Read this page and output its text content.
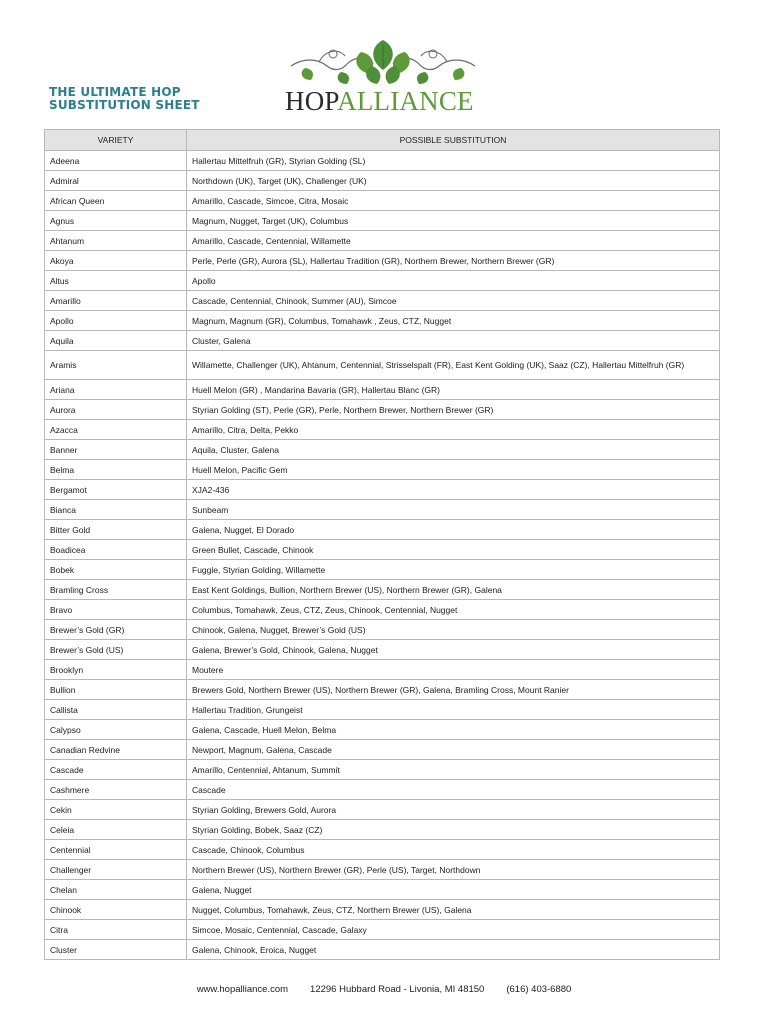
THE ULTIMATE HOP
SUBSTITUTION SHEET	HOPALLIANCE
VARIETY	POSSIBLE SUBSTITUTION
Adeena	Hallertau Mittelfruh (GR), Styrian Golding (SL)
Admiral	Northdown (UK), Target (UK), Challenger (UK)
African Queen	Amarillo, Cascade, Simcoe, Citra, Mosaic
Agnus	Magnum, Nugget, Target (UK), Columbus
Ahtanum	Amarillo, Cascade, Centennial, Willamette
Akoya	Perle, Perle (GR), Aurora (SL), Hallertau Tradition (GR), Northern Brewer, Northern Brewer (GR)
Altus	Apollo
Amarillo	Cascade, Centennial, Chinook, Summer (AU), Simcoe
Apollo	Magnum, Magnum (GR), Columbus, Tomahawk , Zeus, CTZ, Nugget
Aquila	Cluster, Galena
Aramis	Willamette, Challenger (UK), Ahtanum, Centennial, Strisselspalt (FR), East Kent Golding (UK), Saaz (CZ), Hallertau Mittelfruh (GR)
Ariana	Huell Melon (GR) , Mandarina Bavaria (GR), Hallertau Blanc (GR)
Aurora	Styrian Golding (ST), Perle (GR), Perle, Northern Brewer, Northern Brewer (GR)
Azacca	Amarillo, Citra, Delta, Pekko
Banner	Aquila, Cluster, Galena
Belma	Huell Melon, Pacific Gem
Bergamot	XJA2-436
Bianca	Sunbeam
Bitter Gold	Galena, Nugget, El Dorado
Boadicea	Green Bullet, Cascade, Chinook
Bobek	Fuggle, Styrian Golding, Willamette
Bramling Cross	East Kent Goldings, Bullion, Northern Brewer (US), Northern Brewer (GR), Galena
Bravo	Columbus, Tomahawk, Zeus, CTZ, Zeus, Chinook, Centennial, Nugget
Brewer’s Gold (GR)	Chinook, Galena, Nugget, Brewer’s Gold (US)
Brewer’s Gold (US)	Galena, Brewer’s Gold, Chinook, Galena, Nugget
Brooklyn	Moutere
Bullion	Brewers Gold, Northern Brewer (US), Northern Brewer (GR), Galena, Bramling Cross, Mount Ranier
Callista	Hallertau Tradition, Grungeist
Calypso	Galena, Cascade, Huell Melon, Belma
Canadian Redvine	Newport, Magnum, Galena, Cascade
Cascade	Amarillo, Centennial, Ahtanum, Summit
Cashmere	Cascade
Cekin	Styrian Golding, Brewers Gold, Aurora
Celeia	Styrian Golding, Bobek, Saaz (CZ)
Centennial	Cascade, Chinook, Columbus
Challenger	Northern Brewer (US), Northern Brewer (GR), Perle (US), Target, Northdown
Chelan	Galena, Nugget
Chinook	Nugget, Columbus, Tomahawk, Zeus, CTZ, Northern Brewer (US), Galena
Citra	Simcoe, Mosaic, Centennial, Cascade, Galaxy
Cluster	Galena, Chinook, Eroica, Nugget
www.hopalliance.com 12296 Hubbard Road - Livonia, MI 48150 (616) 403-6880
